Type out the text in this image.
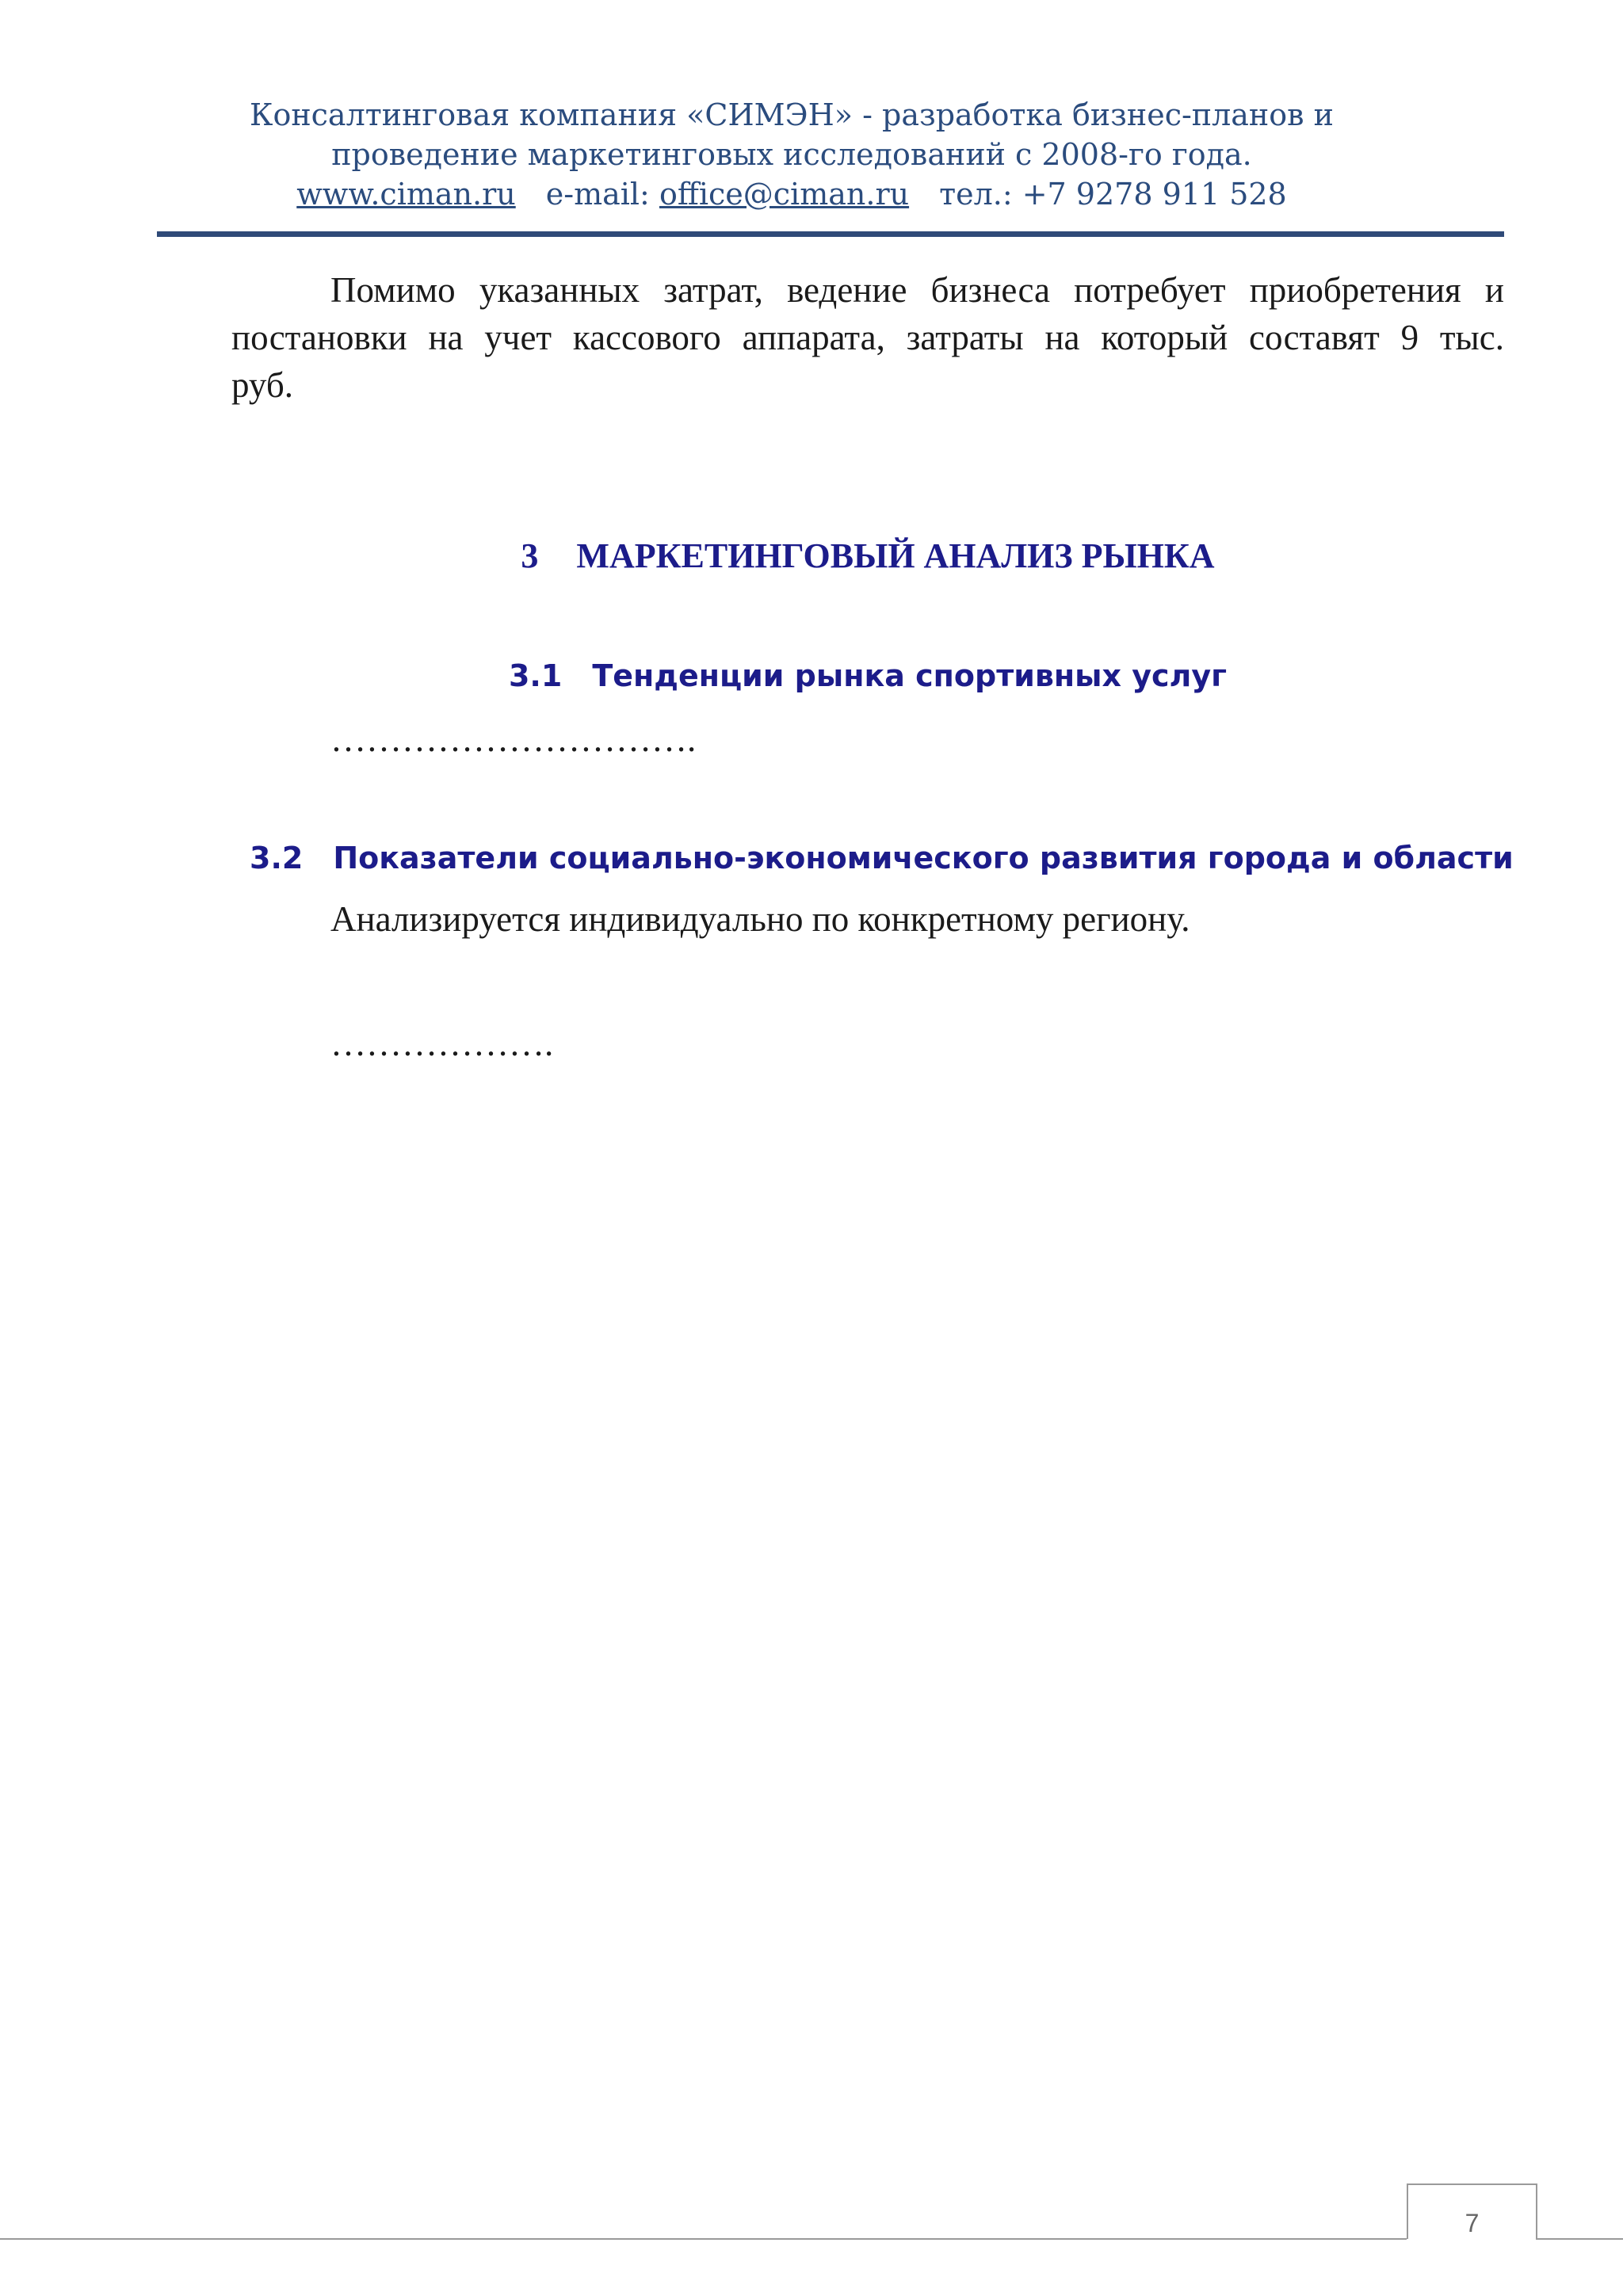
Консалтинговая компания «СИМЭН» - разработка бизнес-планов и
проведение маркетинговых исследований с 2008-го года.
www.ciman.ru e-mail: office@ciman.ru тел.: +7 9278 911 528
Помимо указанных затрат, ведение бизнеса потребует приобретения и
постановки на учет кассового аппарата, затраты на который составят 9 тыс.
руб.
3 МАРКЕТИНГОВЫЙ АНАЛИЗ РЫНКА
3.1 Тенденции рынка спортивных услуг
………………………….
3.2 Показатели социально-экономического развития города и области
Анализируется индивидуально по конкретному региону.
……………….
7
